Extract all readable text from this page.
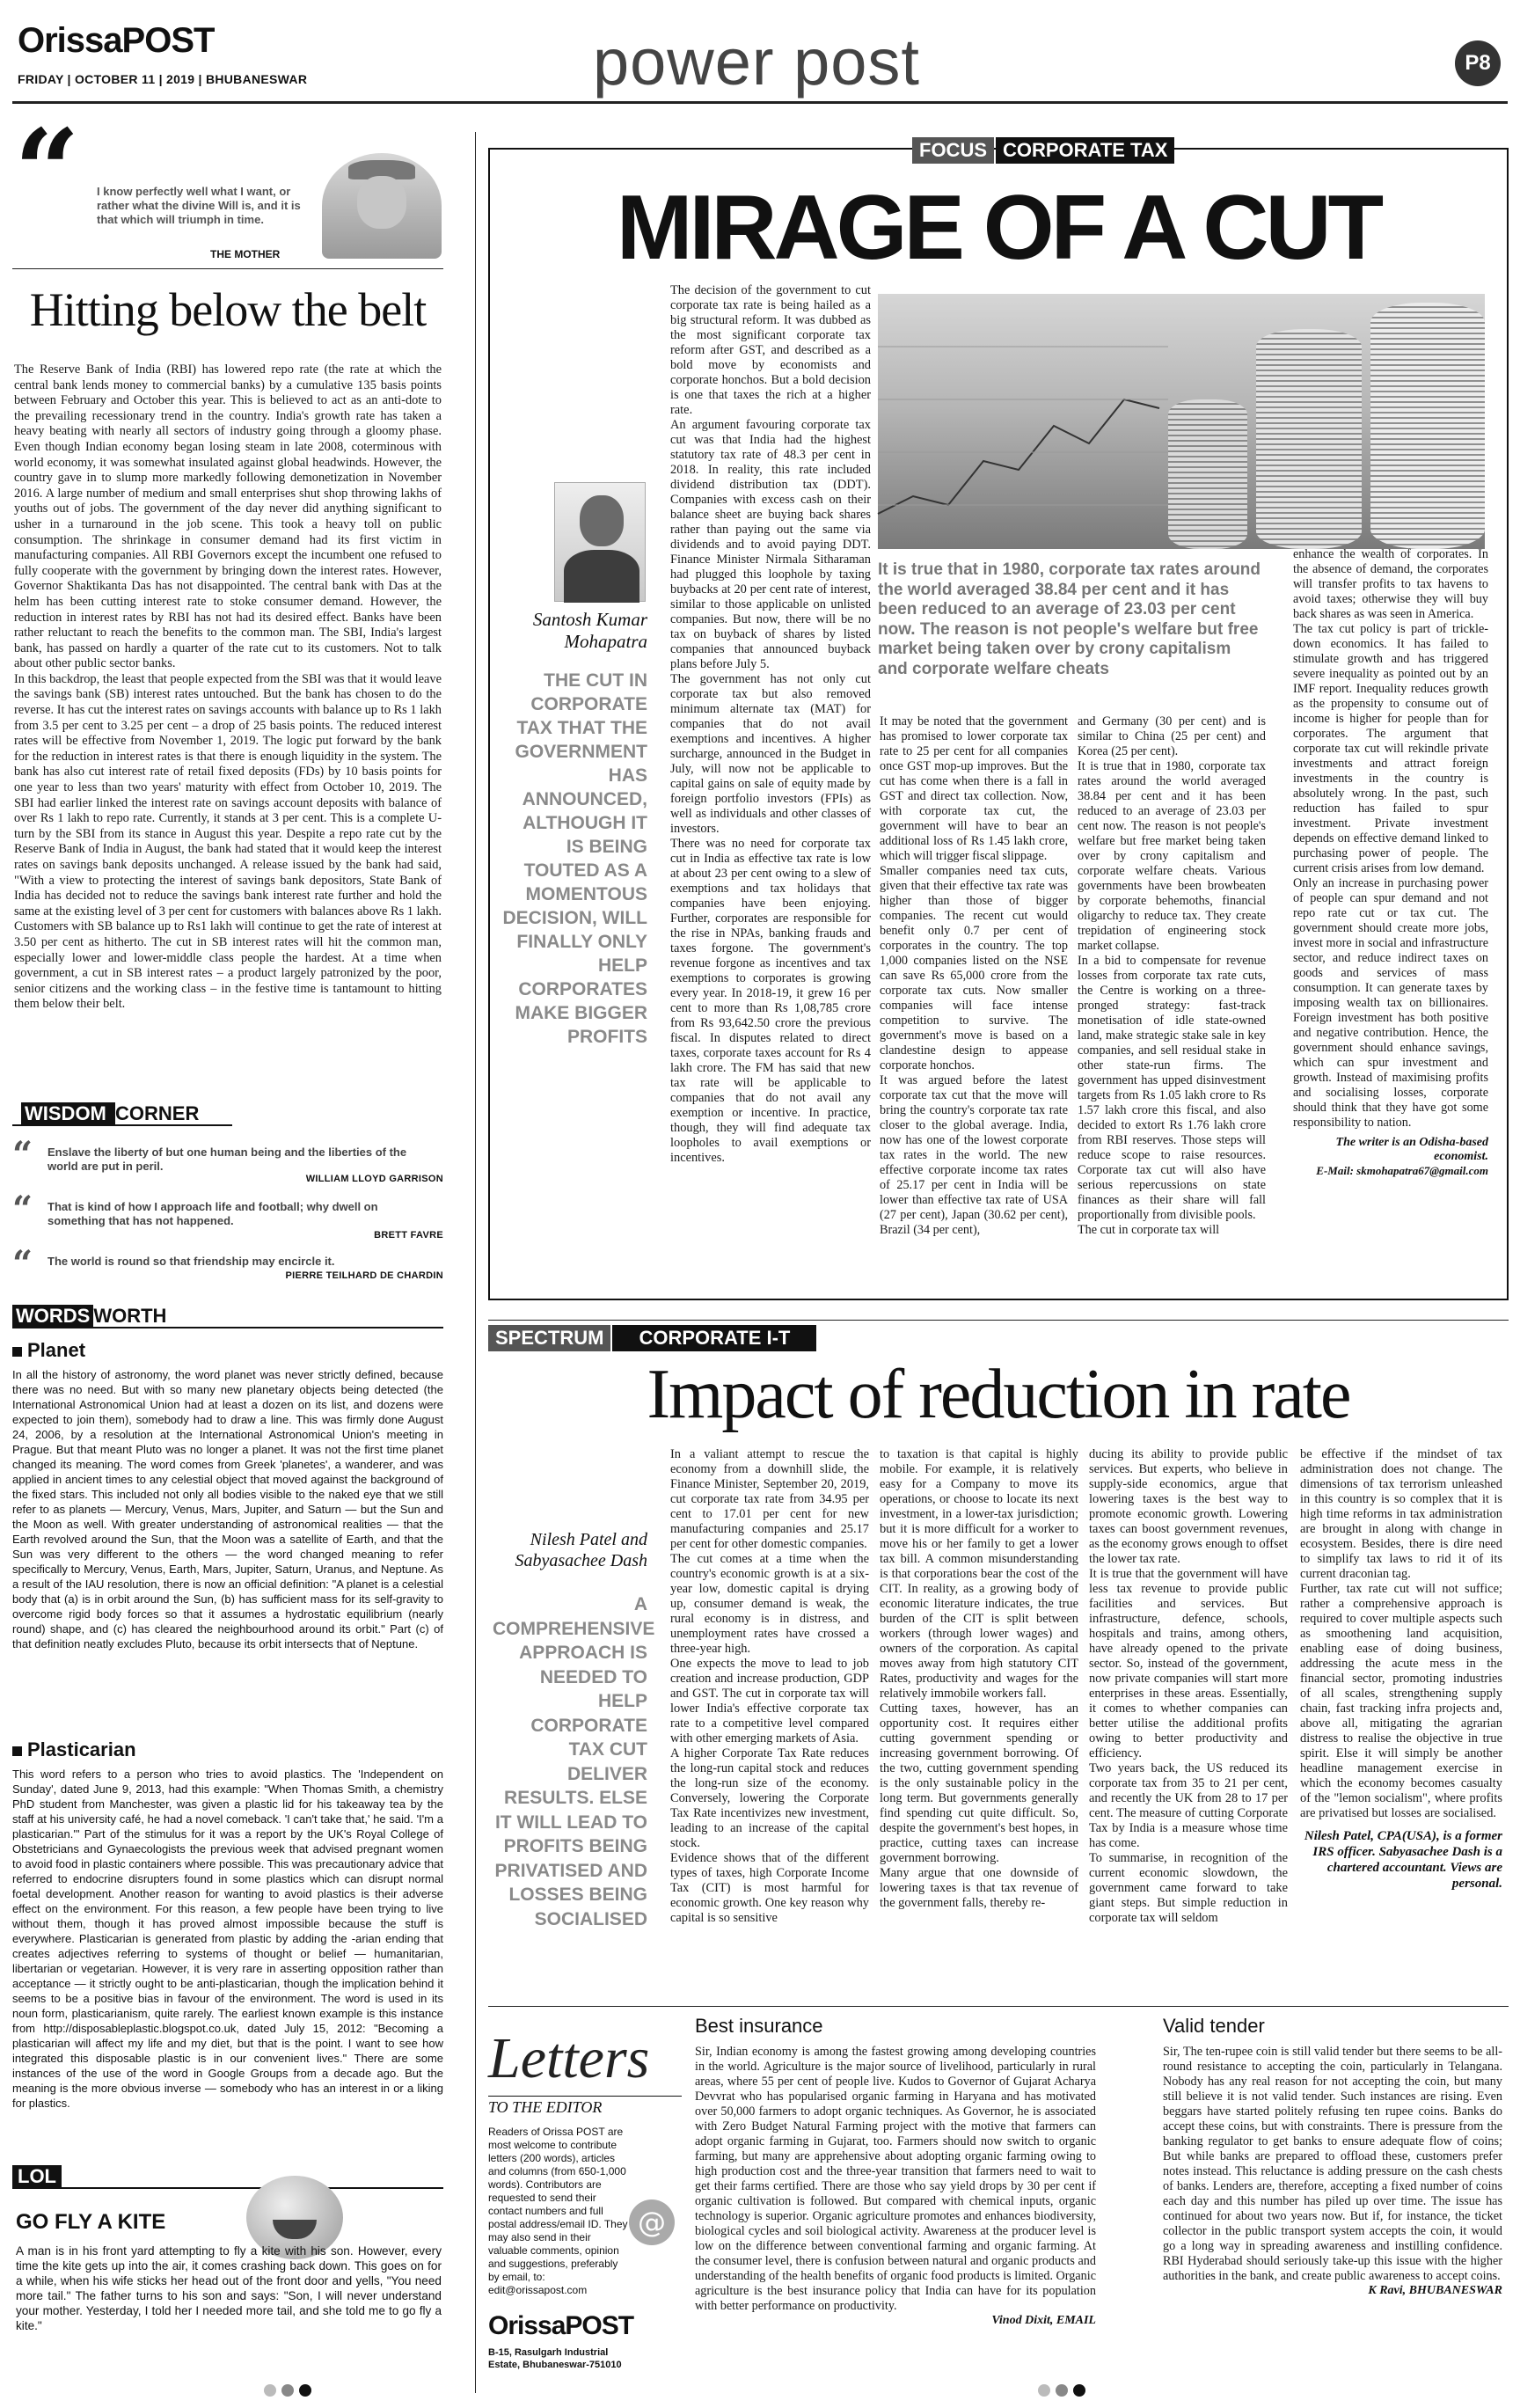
OrissaPOST
FRIDAY | OCTOBER 11 | 2019 | BHUBANESWAR	power post	P8
“ I know perfectly well what I want, or rather what the divine Will is, and it is that which will triumph in time.
THE MOTHER
Hitting below the belt
The Reserve Bank of India (RBI) has lowered repo rate (the rate at which the central bank lends money to commercial banks) by a cumulative 135 basis points between February and October this year. This is believed to act as an anti-dote to the prevailing recessionary trend in the country. India's growth rate has taken a heavy beating with nearly all sectors of industry going through a gloomy phase. Even though Indian economy began losing steam in late 2008, coterminous with world economy, it was somewhat insulated against global headwinds. However, the country gave in to slump more markedly following demonetization in November 2016. A large number of medium and small enterprises shut shop throwing lakhs of youths out of jobs. The government of the day never did anything significant to usher in a turnaround in the job scene. This took a heavy toll on public consumption. The shrinkage in consumer demand had its first victim in manufacturing companies. All RBI Governors except the incumbent one refused to fully cooperate with the government by bringing down the interest rates. However, Governor Shaktikanta Das has not disappointed. The central bank with Das at the helm has been cutting interest rate to stoke consumer demand. However, the reduction in interest rates by RBI has not had its desired effect. Banks have been rather reluctant to reach the benefits to the common man. The SBI, India's largest bank, has passed on hardly a quarter of the rate cut to its customers. Not to talk about other public sector banks.
In this backdrop, the least that people expected from the SBI was that it would leave the savings bank (SB) interest rates untouched. But the bank has chosen to do the reverse. It has cut the interest rates on savings accounts with balance up to Rs 1 lakh from 3.5 per cent to 3.25 per cent – a drop of 25 basis points. The reduced interest rates will be effective from November 1, 2019. The logic put forward by the bank for the reduction in interest rates is that there is enough liquidity in the system. The bank has also cut interest rate of retail fixed deposits (FDs) by 10 basis points for one year to less than two years' maturity with effect from October 10, 2019. The SBI had earlier linked the interest rate on savings account deposits with balance of over Rs 1 lakh to repo rate. Currently, it stands at 3 per cent. This is a complete U-turn by the SBI from its stance in August this year. Despite a repo rate cut by the Reserve Bank of India in August, the bank had stated that it would keep the interest rates on savings bank deposits unchanged. A release issued by the bank had said, "With a view to protecting the interest of savings bank depositors, State Bank of India has decided not to reduce the savings bank interest rate further and hold the same at the existing level of 3 per cent for customers with balances above Rs 1 lakh. Customers with SB balance up to Rs1 lakh will continue to get the rate of interest at 3.50 per cent as hitherto. The cut in SB interest rates will hit the common man, especially lower and lower-middle class people the hardest. At a time when government, a cut in SB interest rates – a product largely patronized by the poor, senior citizens and the working class – in the festive time is tantamount to hitting them below their belt.
WISDOM CORNER
“ Enslave the liberty of but one human being and the liberties of the world are put in peril.
WILLIAM LLOYD GARRISON
“ That is kind of how I approach life and football; why dwell on something that has not happened.
BRETT FAVRE
“ The world is round so that friendship may encircle it.
PIERRE TEILHARD DE CHARDIN
WORDS WORTH
Planet
In all the history of astronomy, the word planet was never strictly defined, because there was no need. But with so many new planetary objects being detected (the International Astronomical Union had at least a dozen on its list, and dozens were expected to join them), somebody had to draw a line. This was firmly done August 24, 2006, by a resolution at the International Astronomical Union's meeting in Prague. But that meant Pluto was no longer a planet. It was not the first time planet changed its meaning. The word comes from Greek 'planetes', a wanderer, and was applied in ancient times to any celestial object that moved against the background of the fixed stars. This included not only all bodies visible to the naked eye that we still refer to as planets — Mercury, Venus, Mars, Jupiter, and Saturn — but the Sun and the Moon as well. With greater understanding of astronomical realities — that the Earth revolved around the Sun, that the Moon was a satellite of Earth, and that the Sun was very different to the others — the word changed meaning to refer specifically to Mercury, Venus, Earth, Mars, Jupiter, Saturn, Uranus, and Neptune. As a result of the IAU resolution, there is now an official definition: "A planet is a celestial body that (a) is in orbit around the Sun, (b) has sufficient mass for its self-gravity to overcome rigid body forces so that it assumes a hydrostatic equilibrium (nearly round) shape, and (c) has cleared the neighbourhood around its orbit." Part (c) of that definition neatly excludes Pluto, because its orbit intersects that of Neptune.
Plasticarian
This word refers to a person who tries to avoid plastics. The 'Independent on Sunday', dated June 9, 2013, had this example: "When Thomas Smith, a chemistry PhD student from Manchester, was given a plastic lid for his takeaway tea by the staff at his university café, he had a novel comeback. 'I can't take that,' he said. 'I'm a plasticarian.'" Part of the stimulus for it was a report by the UK's Royal College of Obstetricians and Gynaecologists the previous week that advised pregnant women to avoid food in plastic containers where possible. This was precautionary advice that referred to endocrine disrupters found in some plastics which can disrupt normal foetal development. Another reason for wanting to avoid plastics is their adverse effect on the environment. For this reason, a few people have been trying to live without them, though it has proved almost impossible because the stuff is everywhere. Plasticarian is generated from plastic by adding the -arian ending that creates adjectives referring to systems of thought or belief — humanitarian, libertarian or vegetarian. However, it is very rare in asserting opposition rather than acceptance — it strictly ought to be anti-plasticarian, though the implication behind it seems to be a positive bias in favour of the environment. The word is used in its noun form, plasticarianism, quite rarely. The earliest known example is this instance from http://disposableplastic.blogspot.co.uk, dated July 15, 2012: "Becoming a plasticarian will affect my life and my diet, but that is the point. I want to see how integrated this disposable plastic is in our convenient lives." There are some instances of the use of the word in Google Groups from a decade ago. But the meaning is the more obvious inverse — somebody who has an interest in or a liking for plastics.
LOL
GO FLY A KITE
A man is in his front yard attempting to fly a kite with his son. However, every time the kite gets up into the air, it comes crashing back down. This goes on for a while, when his wife sticks her head out of the front door and yells, "You need more tail." The father turns to his son and says: "Son, I will never understand your mother. Yesterday, I told her I needed more tail, and she told me to go fly a kite."
FOCUS CORPORATE TAX
MIRAGE OF A CUT
The decision of the government to cut corporate tax rate is being hailed as a big structural reform. It was dubbed as the most significant corporate tax reform after GST, and described as a bold move by economists and corporate honchos. But a bold decision is one that taxes the rich at a higher rate.
An argument favouring corporate tax cut was that India had the highest statutory tax rate of 48.3 per cent in 2018. In reality, this rate included dividend distribution tax (DDT). Companies with excess cash on their balance sheet are buying back shares rather than paying out the same via dividends and to avoid paying DDT. Finance Minister Nirmala Sitharaman had plugged this loophole by taxing buybacks at 20 per cent rate of interest, similar to those applicable on unlisted companies. But now, there will be no tax on buyback of shares by listed companies that announced buyback plans before July 5.
The government has not only cut corporate tax but also removed minimum alternate tax (MAT) for companies that do not avail exemptions and incentives. A higher surcharge, announced in the Budget in July, will now not be applicable to capital gains on sale of equity made by foreign portfolio investors (FPIs) as well as individuals and other classes of investors.
There was no need for corporate tax cut in India as effective tax rate is low at about 23 per cent owing to a slew of exemptions and tax holidays that companies have been enjoying. Further, corporates are responsible for the rise in NPAs, banking frauds and taxes forgone. The government's revenue forgone as incentives and tax exemptions to corporates is growing every year. In 2018-19, it grew 16 per cent to more than Rs 1,08,785 crore from Rs 93,642.50 crore the previous fiscal. In disputes related to direct taxes, corporate taxes account for Rs 4 lakh crore. The FM has said that new tax rate will be applicable to companies that do not avail any exemption or incentive. In practice, though, they will find adequate tax loopholes to avail exemptions or incentives.
Santosh Kumar Mohapatra
THE CUT IN CORPORATE TAX THAT THE GOVERNMENT HAS ANNOUNCED, ALTHOUGH IT IS BEING TOUTED AS A MOMENTOUS DECISION, WILL FINALLY ONLY HELP CORPORATES MAKE BIGGER PROFITS
It is true that in 1980, corporate tax rates around the world averaged 38.84 per cent and it has been reduced to an average of 23.03 per cent now. The reason is not people's welfare but free market being taken over by crony capitalism and corporate welfare cheats
It may be noted that the government has promised to lower corporate tax rate to 25 per cent for all companies once GST mop-up improves. But the cut has come when there is a fall in GST and direct tax collection. Now, with corporate tax cut, the government will have to bear an additional loss of Rs 1.45 lakh crore, which will trigger fiscal slippage.
Smaller companies need tax cuts, given that their effective tax rate was higher than those of bigger companies. The recent cut would benefit only 0.7 per cent of corporates in the country. The top 1,000 companies listed on the NSE can save Rs 65,000 crore from the corporate tax cuts. Now smaller companies will face intense competition to survive. The government's move is based on a clandestine design to appease corporate honchos.
It was argued before the latest corporate tax cut that the move will bring the country's corporate tax rate closer to the global average. India, now has one of the lowest corporate tax rates in the world. The new effective corporate income tax rates of 25.17 per cent in India will be lower than effective tax rate of USA (27 per cent), Japan (30.62 per cent), Brazil (34 per cent),
and Germany (30 per cent) and is similar to China (25 per cent) and Korea (25 per cent).
It is true that in 1980, corporate tax rates around the world averaged 38.84 per cent and it has been reduced to an average of 23.03 per cent now. The reason is not people's welfare but free market being taken over by crony capitalism and corporate welfare cheats. Various governments have been browbeaten by corporate behemoths, financial oligarchy to reduce tax. They create trepidation of engineering stock market collapse.
In a bid to compensate for revenue losses from corporate tax rate cuts, the Centre is working on a three-pronged strategy: fast-track monetisation of idle state-owned land, make strategic stake sale in key companies, and sell residual stake in other state-run firms. The government has upped disinvestment targets from Rs 1.05 lakh crore to Rs 1.57 lakh crore this fiscal, and also decided to extort Rs 1.76 lakh crore from RBI reserves. Those steps will reduce scope to raise resources. Corporate tax cut will also have serious repercussions on state finances as their share will fall proportionally from divisible pools.
The cut in corporate tax will
enhance the wealth of corporates. In the absence of demand, the corporates will transfer profits to tax havens to avoid taxes; otherwise they will buy back shares as was seen in America.
The tax cut policy is part of trickle-down economics. It has failed to stimulate growth and has triggered severe inequality as pointed out by an IMF report. Inequality reduces growth as the propensity to consume out of income is higher for people than for corporates. The argument that corporate tax cut will rekindle private investments and attract foreign investments in the country is absolutely wrong. In the past, such reduction has failed to spur investment. Private investment depends on effective demand linked to purchasing power of people. The current crisis arises from low demand.
Only an increase in purchasing power of people can spur demand and not repo rate cut or tax cut. The government should create more jobs, invest more in social and infrastructure sector, and reduce indirect taxes on goods and services of mass consumption. It can generate taxes by imposing wealth tax on billionaires. Foreign investment has both positive and negative contribution. Hence, the government should enhance savings, which can spur investment and growth. Instead of maximising profits and socialising losses, corporate should think that they have got some responsibility to nation.
The writer is an Odisha-based economist.
E-Mail: skmohapatra67@gmail.com
SPECTRUM CORPORATE I-T
Impact of reduction in rate
Nilesh Patel and Sabyasachee Dash
A COMPREHENSIVE APPROACH IS NEEDED TO HELP CORPORATE TAX CUT DELIVER RESULTS. ELSE IT WILL LEAD TO PROFITS BEING PRIVATISED AND LOSSES BEING SOCIALISED
In a valiant attempt to rescue the economy from a downhill slide, the Finance Minister, September 20, 2019, cut corporate tax rate from 34.95 per cent to 17.01 per cent for new manufacturing companies and 25.17 per cent for other domestic companies.
The cut comes at a time when the country's economic growth is at a six-year low, domestic capital is drying up, consumer demand is weak, the rural economy is in distress, and unemployment rates have crossed a three-year high.
One expects the move to lead to job creation and increase production, GDP and GST. The cut in corporate tax will lower India's effective corporate tax rate to a competitive level compared with other emerging markets of Asia.
A higher Corporate Tax Rate reduces the long-run capital stock and reduces the long-run size of the economy. Conversely, lowering the Corporate Tax Rate incentivizes new investment, leading to an increase of the capital stock.
Evidence shows that of the different types of taxes, high Corporate Income Tax (CIT) is most harmful for economic growth. One key reason why capital is so sensitive
to taxation is that capital is highly mobile. For example, it is relatively easy for a Company to move its operations, or choose to locate its next investment, in a lower-tax jurisdiction; but it is more difficult for a worker to move his or her family to get a lower tax bill. A common misunderstanding is that corporations bear the cost of the CIT. In reality, as a growing body of economic literature indicates, the true burden of the CIT is split between workers (through lower wages) and owners of the corporation. As capital moves away from high statutory CIT Rates, productivity and wages for the relatively immobile workers fall.
Cutting taxes, however, has an opportunity cost. It requires either cutting government spending or increasing government borrowing. Of the two, cutting government spending is the only sustainable policy in the long term. But governments generally find spending cut quite difficult. So, despite the government's best hopes, in practice, cutting taxes can increase government borrowing.
Many argue that one downside of lowering taxes is that tax revenue of the government falls, thereby re-
ducing its ability to provide public services. But experts, who believe in supply-side economics, argue that lowering taxes is the best way to promote economic growth. Lowering taxes can boost government revenues, as the economy grows enough to offset the lower tax rate.
It is true that the government will have less tax revenue to provide public facilities and services. But infrastructure, defence, schools, hospitals and trains, among others, have already opened to the private sector. So, instead of the government, now private companies will start more enterprises in these areas. Essentially, it comes to whether companies can better utilise the additional profits owing to better productivity and efficiency.
Two years back, the US reduced its corporate tax from 35 to 21 per cent, and recently the UK from 28 to 17 per cent. The measure of cutting Corporate Tax by India is a measure whose time has come.
To summarise, in recognition of the current economic slowdown, the government came forward to take giant steps. But simple reduction in corporate tax will seldom
be effective if the mindset of tax administration does not change. The dimensions of tax terrorism unleashed in this country is so complex that it is high time reforms in tax administration are brought in along with change in ecosystem. Besides, there is dire need to simplify tax laws to rid it of its current draconian tag.
Further, tax rate cut will not suffice; rather a comprehensive approach is required to cover multiple aspects such as smoothening land acquisition, enabling ease of doing business, addressing the acute mess in the financial sector, promoting industries of all scales, strengthening supply chain, fast tracking infra projects and, above all, mitigating the agrarian distress to realise the objective in true spirit. Else it will simply be another headline management exercise in which the economy becomes casualty of the "lemon socialism", where profits are privatised but losses are socialised.
Nilesh Patel, CPA(USA), is a former IRS officer. Sabyasachee Dash is a chartered accountant. Views are personal.
Letters
TO THE EDITOR
Readers of Orissa POST are most welcome to contribute letters (200 words), articles and columns (from 650-1,000 words). Contributors are requested to send their contact numbers and full postal address/email ID. They may also send in their valuable comments, opinion and suggestions, preferably by email, to: edit@orissapost.com
@
OrissaPOST
B-15, Rasulgarh Industrial Estate, Bhubaneswar-751010
Best insurance
Sir, Indian economy is among the fastest growing among developing countries in the world. Agriculture is the major source of livelihood, particularly in rural areas, where 55 per cent of people live. Kudos to Governor of Gujarat Acharya Devvrat who has popularised organic farming in Haryana and has motivated over 50,000 farmers to adopt organic techniques. As Governor, he is associated with Zero Budget Natural Farming project with the motive that farmers can adopt organic farming in Gujarat, too. Farmers should now switch to organic farming, but many are apprehensive about adopting organic farming owing to high production cost and the three-year transition that farmers need to wait to get their farms certified. There are those who say yield drops by 30 per cent if organic cultivation is followed. But compared with chemical inputs, organic technology is superior. Organic agriculture promotes and enhances biodiversity, biological cycles and soil biological activity. Awareness at the producer level is low on the difference between conventional farming and organic farming. At the consumer level, there is confusion between natural and organic products and understanding of the health benefits of organic food products is limited. Organic agriculture is the best insurance policy that India can have for its population with better performance on productivity.
Vinod Dixit, EMAIL
Valid tender
Sir, The ten-rupee coin is still valid tender but there seems to be all-round resistance to accepting the coin, particularly in Telangana. Nobody has any real reason for not accepting the coin, but many still believe it is not valid tender. Such instances are rising. Even beggars have started politely refusing ten rupee coins. Banks do accept these coins, but with constraints. There is pressure from the banking regulator to get banks to ensure adequate flow of coins; But while banks are prepared to offload these, customers prefer notes instead. This reluctance is adding pressure on the cash chests of banks. Lenders are, therefore, accepting a fixed number of coins each day and this number has piled up over time. The issue has continued for about two years now. But if, for instance, the ticket collector in the public transport system accepts the coin, it would go a long way in spreading awareness and instilling confidence. RBI Hyderabad should seriously take-up this issue with the higher authorities in the bank, and create public awareness to accept coins.
K Ravi, BHUBANESWAR
